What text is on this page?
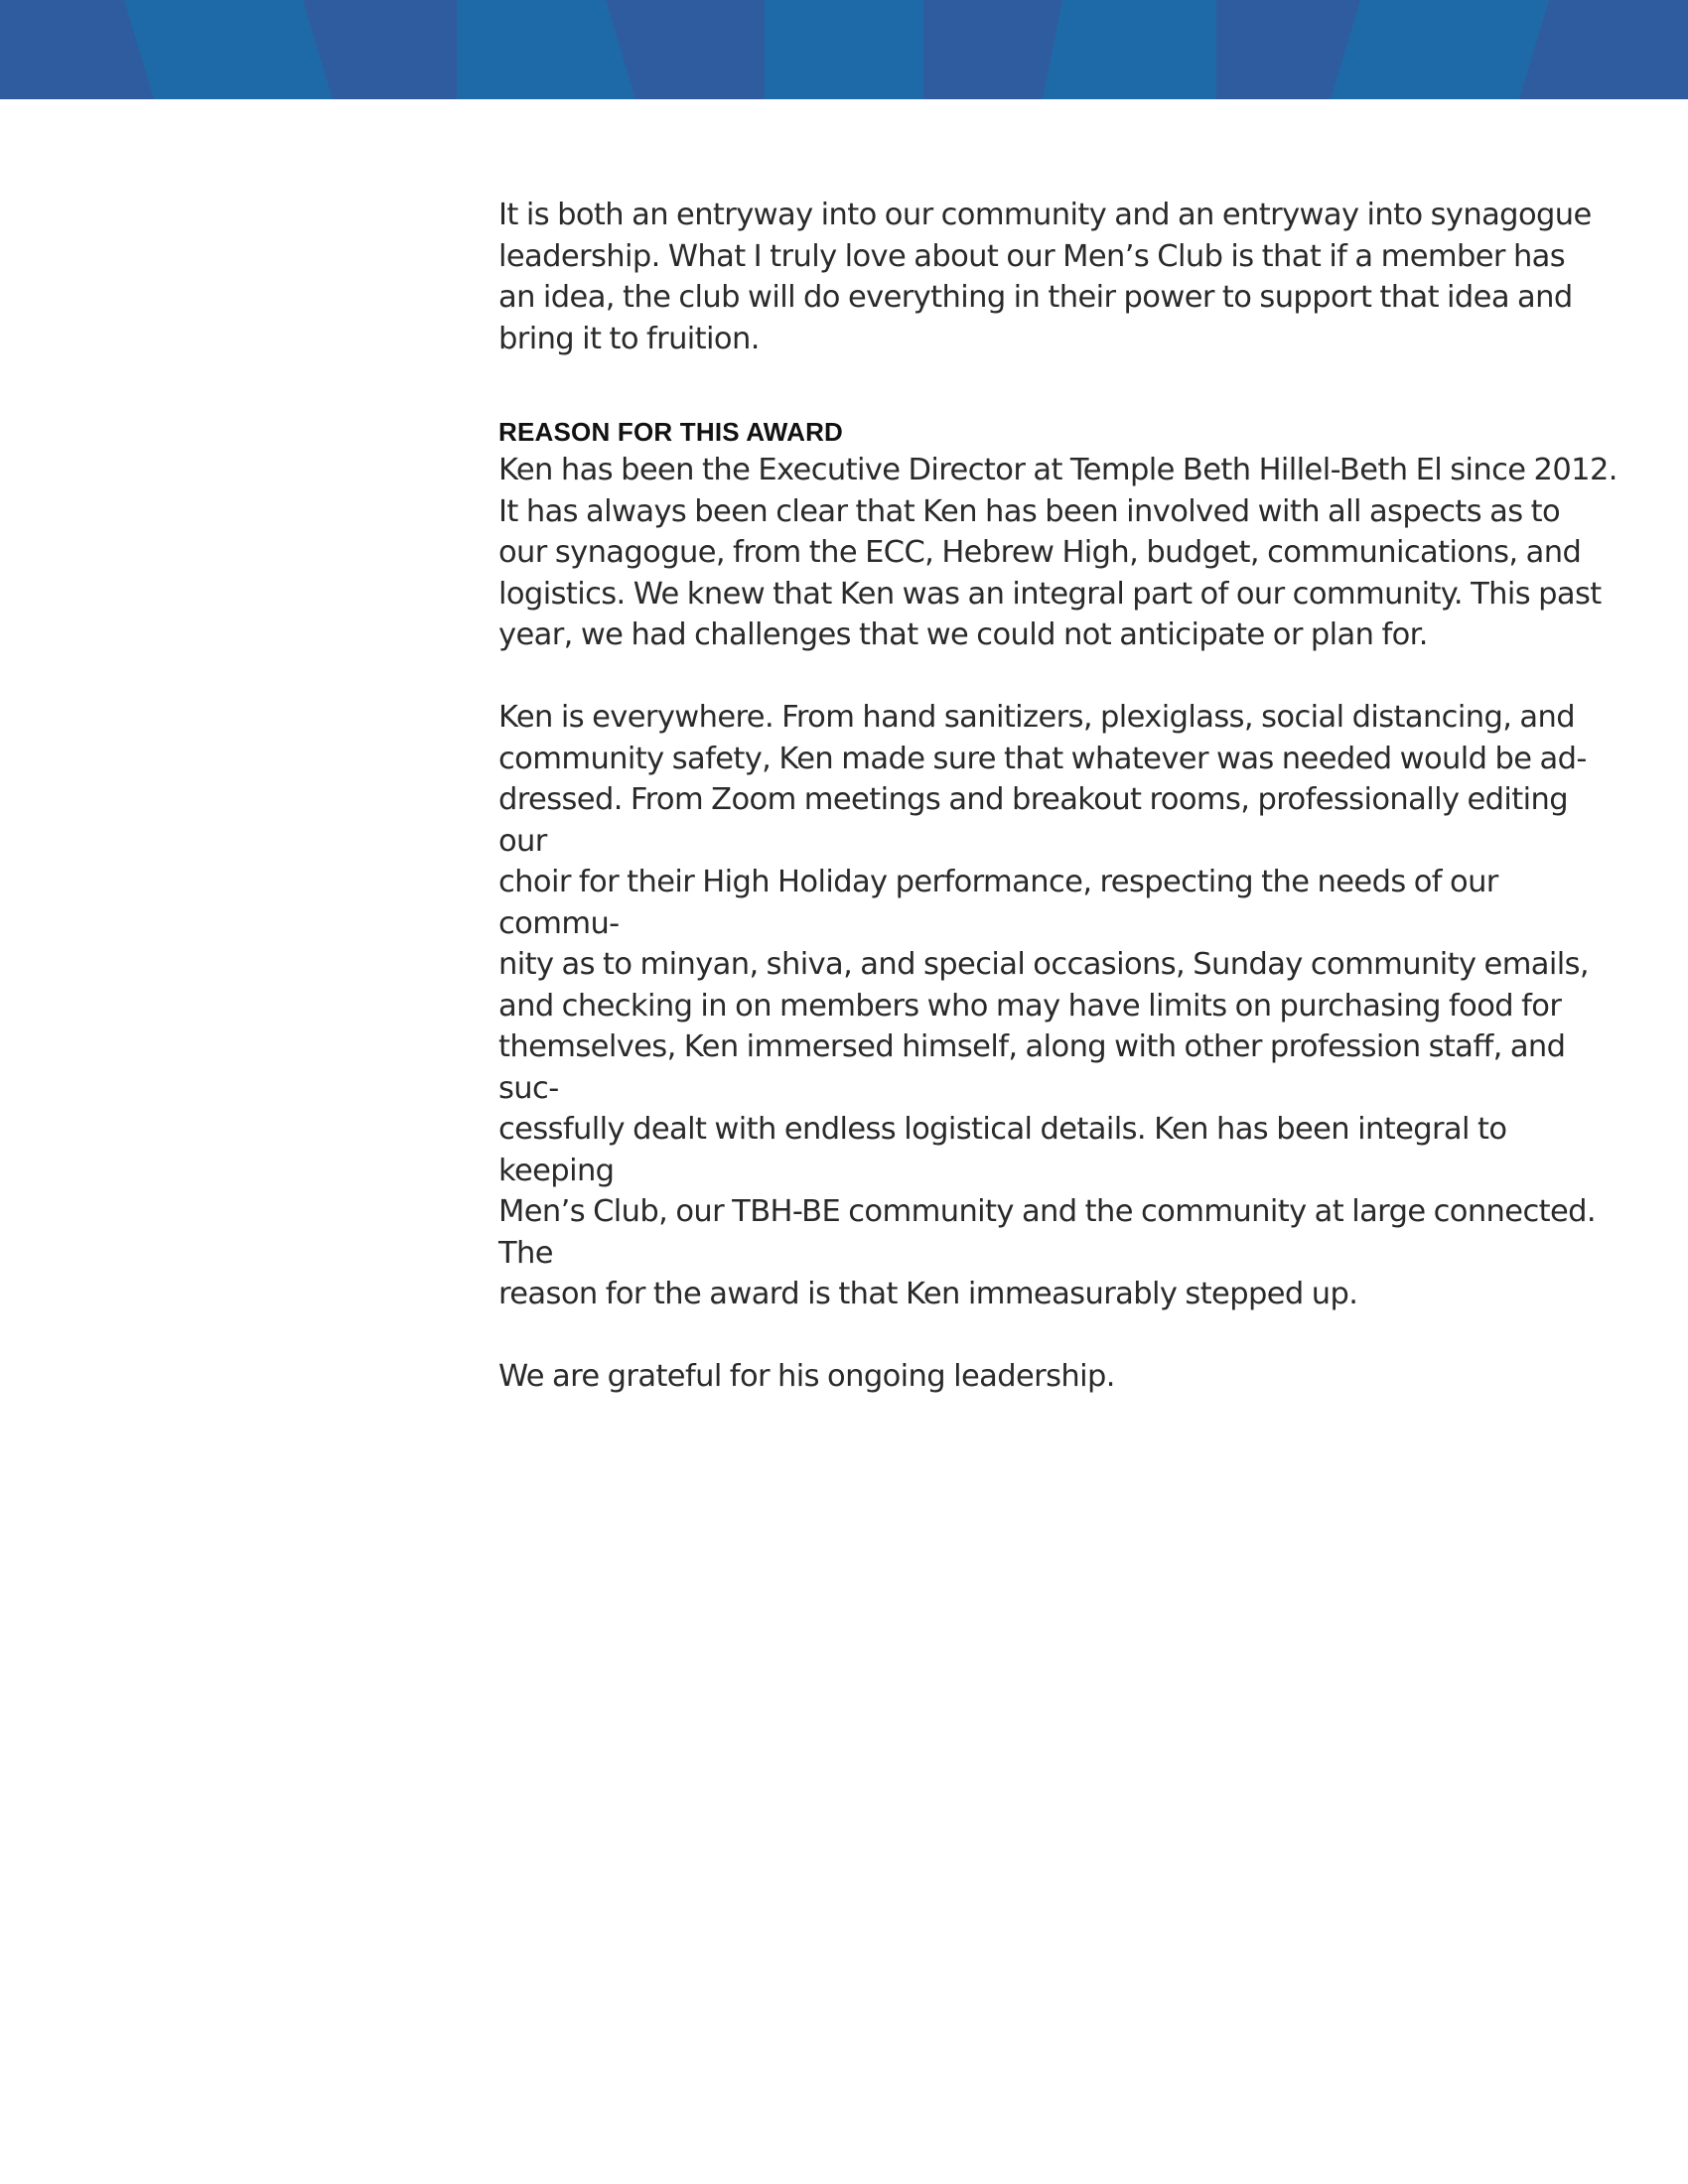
It is both an entryway into our community and an entryway into synagogue
leadership. What I truly love about our Men’s Club is that if a member has
an idea, the club will do everything in their power to support that idea and
bring it to fruition.

REASON FOR THIS AWARD

Ken has been the Executive Director at Temple Beth Hillel-Beth El since 2012.
It has always been clear that Ken has been involved with all aspects as to
our synagogue, from the ECC, Hebrew High, budget, communications, and
logistics. We knew that Ken was an integral part of our community. This past
year, we had challenges that we could not anticipate or plan for.

Ken is everywhere. From hand sanitizers, plexiglass, social distancing, and
community safety, Ken made sure that whatever was needed would be ad-
dressed. From Zoom meetings and breakout rooms, professionally editing our
choir for their High Holiday performance, respecting the needs of our commu-
nity as to minyan, shiva, and special occasions, Sunday community emails,
and checking in on members who may have limits on purchasing food for
themselves, Ken immersed himself, along with other profession staff, and suc-
cessfully dealt with endless logistical details. Ken has been integral to keeping
Men’s Club, our TBH-BE community and the community at large connected. The
reason for the award is that Ken immeasurably stepped up.

We are grateful for his ongoing leadership.
